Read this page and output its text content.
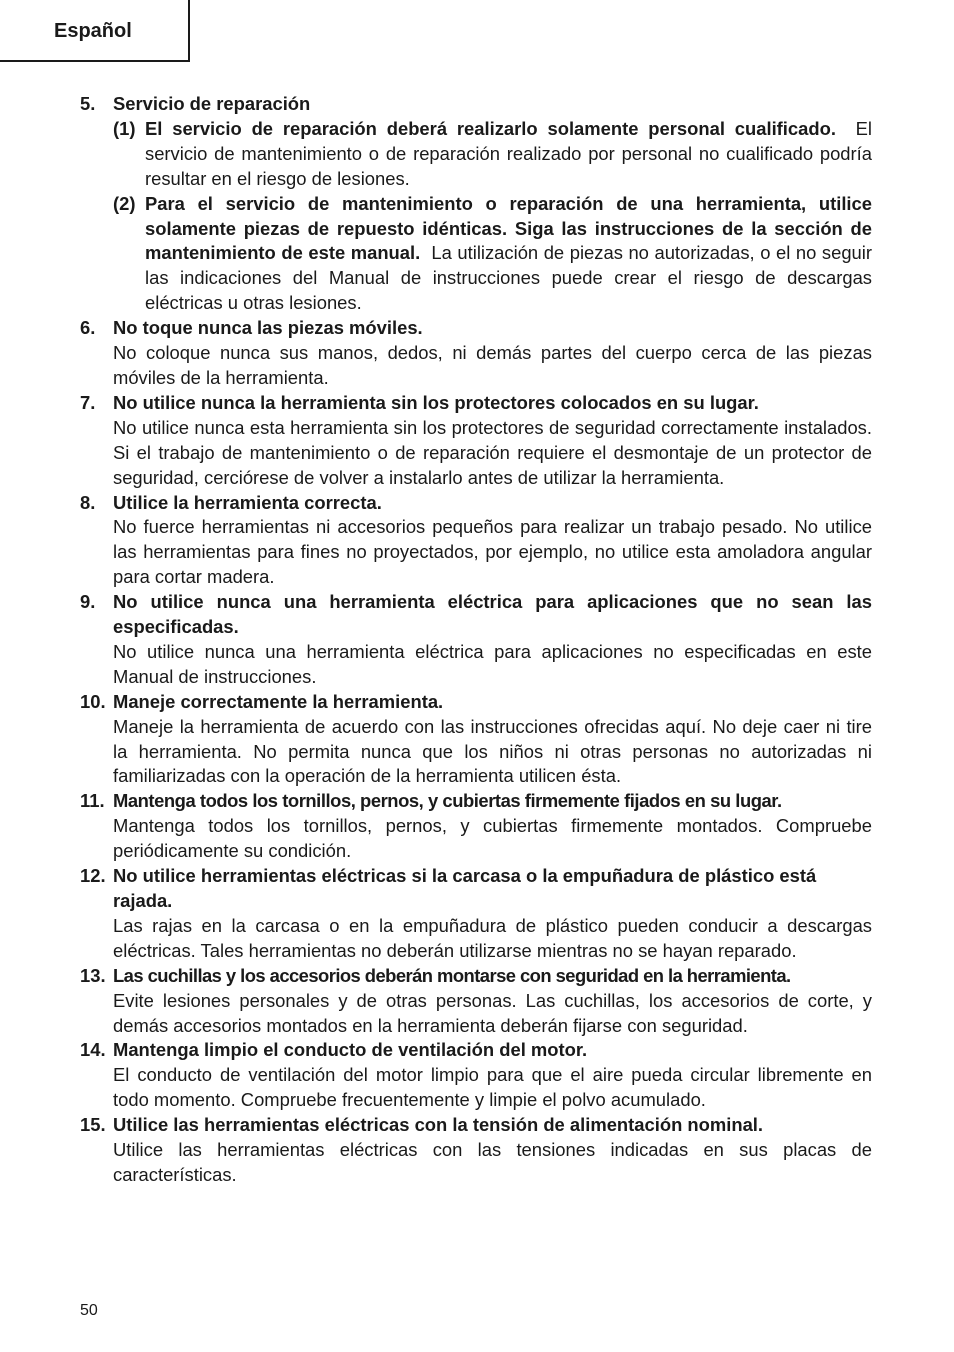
Español
5. Servicio de reparación
(1) El servicio de reparación deberá realizarlo solamente personal cualificado. El servicio de mantenimiento o de reparación realizado por personal no cualificado podría resultar en el riesgo de lesiones.
(2) Para el servicio de mantenimiento o reparación de una herramienta, utilice solamente piezas de repuesto idénticas. Siga las instrucciones de la sección de mantenimiento de este manual. La utilización de piezas no autorizadas, o el no seguir las indicaciones del Manual de instrucciones puede crear el riesgo de descargas eléctricas u otras lesiones.
6. No toque nunca las piezas móviles.
No coloque nunca sus manos, dedos, ni demás partes del cuerpo cerca de las piezas móviles de la herramienta.
7. No utilice nunca la herramienta sin los protectores colocados en su lugar.
No utilice nunca esta herramienta sin los protectores de seguridad correctamente instalados. Si el trabajo de mantenimiento o de reparación requiere el desmontaje de un protector de seguridad, cerciórese de volver a instalarlo antes de utilizar la herramienta.
8. Utilice la herramienta correcta.
No fuerce herramientas ni accesorios pequeños para realizar un trabajo pesado. No utilice las herramientas para fines no proyectados, por ejemplo, no utilice esta amoladora angular para cortar madera.
9. No utilice nunca una herramienta eléctrica para aplicaciones que no sean las especificadas.
No utilice nunca una herramienta eléctrica para aplicaciones no especificadas en este Manual de instrucciones.
10. Maneje correctamente la herramienta.
Maneje la herramienta de acuerdo con las instrucciones ofrecidas aquí. No deje caer ni tire la herramienta. No permita nunca que los niños ni otras personas no autorizadas ni familiarizadas con la operación de la herramienta utilicen ésta.
11. Mantenga todos los tornillos, pernos, y cubiertas firmemente fijados en su lugar.
Mantenga todos los tornillos, pernos, y cubiertas firmemente montados. Compruebe periódicamente su condición.
12. No utilice herramientas eléctricas si la carcasa o la empuñadura de plástico está rajada.
Las rajas en la carcasa o en la empuñadura de plástico pueden conducir a descargas eléctricas. Tales herramientas no deberán utilizarse mientras no se hayan reparado.
13. Las cuchillas y los accesorios deberán montarse con seguridad en la herramienta.
Evite lesiones personales y de otras personas. Las cuchillas, los accesorios de corte, y demás accesorios montados en la herramienta deberán fijarse con seguridad.
14. Mantenga limpio el conducto de ventilación del motor.
El conducto de ventilación del motor limpio para que el aire pueda circular libremente en todo momento. Compruebe frecuentemente y limpie el polvo acumulado.
15. Utilice las herramientas eléctricas con la tensión de alimentación nominal.
Utilice las herramientas eléctricas con las tensiones indicadas en sus placas de características.
50
